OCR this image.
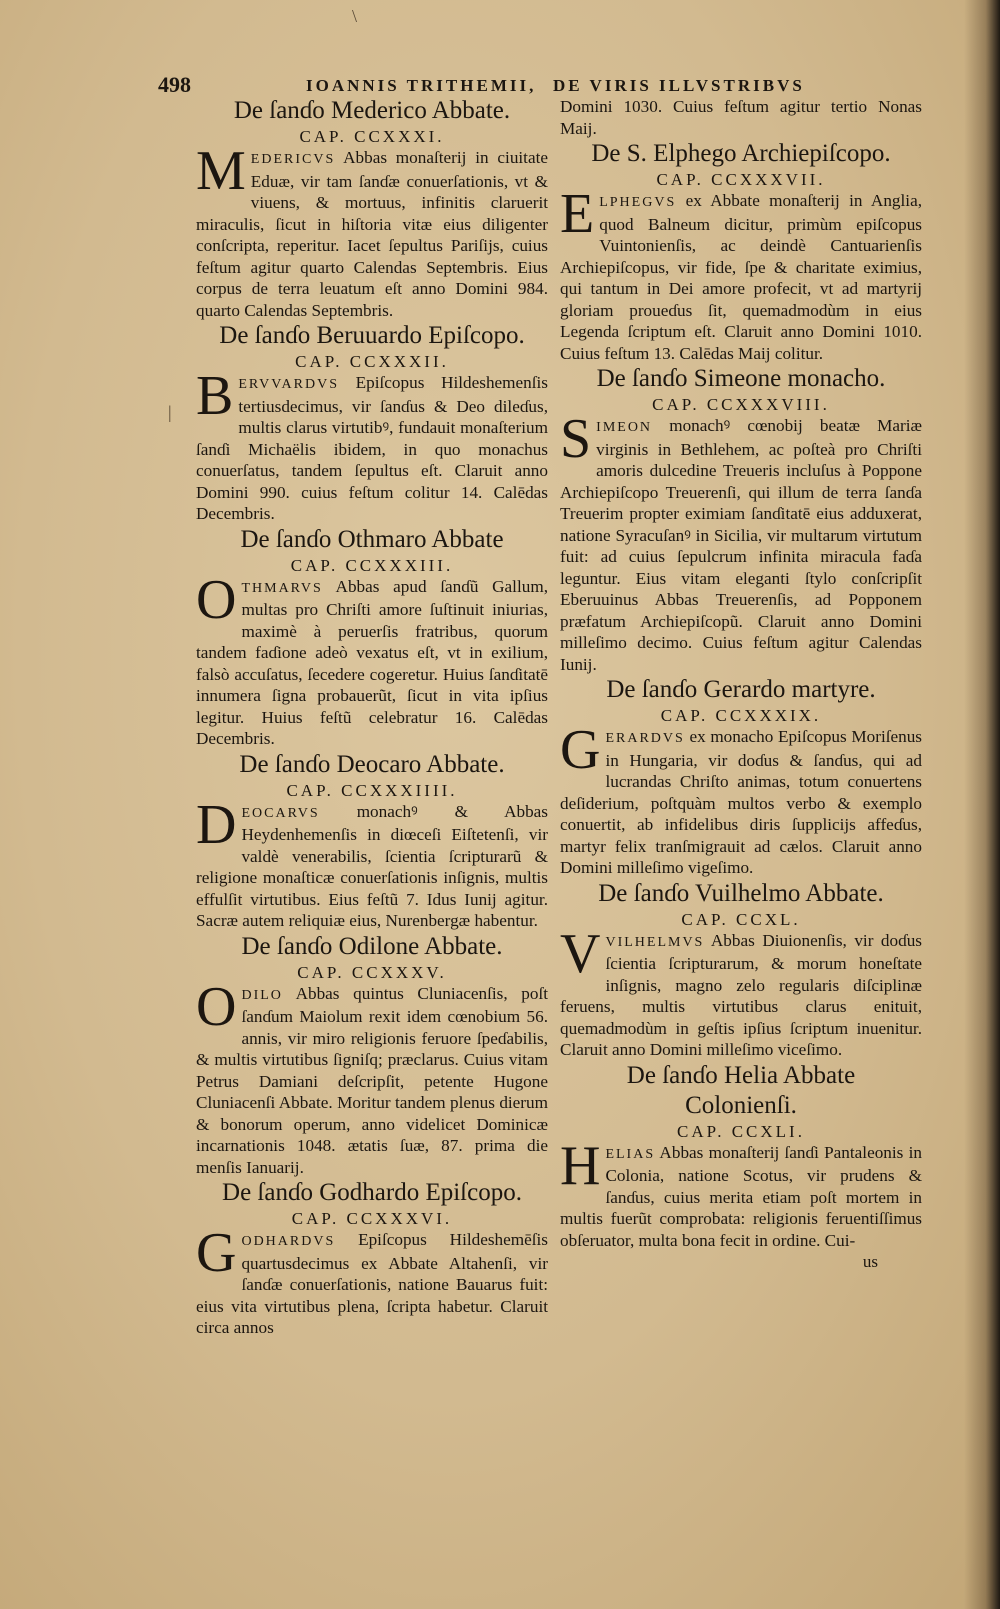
\
|
498	IOANNIS TRITHEMII, DE VIRIS ILLVSTRIBVS
De ſanɗo Mederico Abbate.
CAP. CCXXXI.

MEDERICVS Abbas monaſterij in ciuitate Eduæ, vir tam ſanɗæ conuerſationis, vt & viuens, & mortuus, infinitis claruerit miraculis, ſicut in hiſtoria vitæ eius diligenter conſcripta, reperitur. Iacet ſepultus Pariſijs, cuius feſtum agitur quarto Calendas Septembris. Eius corpus de terra leuatum eſt anno Domini 984. quarto Calendas Septembris.

De ſanɗo Beruuardo Epiſcopo.
CAP. CCXXXII.

BERVVARDVS Epiſcopus Hildeshemenſis tertiusdecimus, vir ſanɗus & Deo dileɗus, multis clarus virtutibꝰ, fundauit monaſterium ſanɗi Michaëlis ibidem, in quo monachus conuerſatus, tandem ſepultus eſt. Claruit anno Domini 990. cuius feſtum colitur 14. Calēdas Decembris.

De ſanɗo Othmaro Abbate
CAP. CCXXXIII.

OTHMARVS Abbas apud ſanɗũ Gallum, multas pro Chriſti amore ſuſtinuit iniurias, maximè à peruerſis fratribus, quorum tandem faɗione adeò vexatus eſt, vt in exilium, falsò accuſatus, ſecedere cogeretur. Huius ſanɗitatē innumera ſigna probauerũt, ſicut in vita ipſius legitur. Huius feſtũ celebratur 16. Calēdas Decembris.

De ſanɗo Deocaro Abbate.
CAP. CCXXXIIII.

DEOCARVS monachꝰ & Abbas Heydenhemenſis in diœceſi Eiſtetenſi, vir valdè venerabilis, ſcientia ſcripturarũ & religione monaſticæ conuerſationis inſignis, multis effulſit virtutibus. Eius feſtũ 7. Idus Iunij agitur. Sacræ autem reliquiæ eius, Nurenbergæ habentur.

De ſanɗo Odilone Abbate.
CAP. CCXXXV.

ODILO Abbas quintus Cluniacenſis, poſt ſanɗum Maiolum rexit idem cœnobium 56. annis, vir miro religionis feruore ſpeɗabilis, & multis virtutibus ſigniſq; præclarus. Cuius vitam Petrus Damiani deſcripſit, petente Hugone Cluniacenſi Abbate. Moritur tandem plenus dierum & bonorum operum, anno videlicet Dominicæ incarnationis 1048. ætatis ſuæ, 87. prima die menſis Ianuarij.

De ſanɗo Godhardo Epiſcopo.
CAP. CCXXXVI.

GODHARDVS Epiſcopus Hildeshemēſis quartusdecimus ex Abbate Altahenſi, vir ſanɗæ conuerſationis, natione Bauarus fuit: eius vita virtutibus plena, ſcripta habetur. Claruit circa annos

Domini 1030. Cuius feſtum agitur tertio Nonas Maij.

De S. Elphego Archiepiſcopo.
CAP. CCXXXVII.

ELPHEGVS ex Abbate monaſterij in Anglia, quod Balneum dicitur, primùm epiſcopus Vuintonienſis, ac deindè Cantuarienſis Archiepiſcopus, vir fide, ſpe & charitate eximius, qui tantum in Dei amore profecit, vt ad martyrij gloriam proueɗus ſit, quemadmodùm in eius Legenda ſcriptum eſt. Claruit anno Domini 1010. Cuius feſtum 13. Calēdas Maij colitur.

De ſanɗo Simeone monacho.
CAP. CCXXXVIII.

SIMEON monachꝰ cœnobij beatæ Mariæ virginis in Bethlehem, ac poſteà pro Chriſti amoris dulcedine Treueris incluſus à Poppone Archiepiſcopo Treuerenſi, qui illum de terra ſanɗa Treuerim propter eximiam ſanɗitatē eius adduxerat, natione Syracuſanꝰ in Sicilia, vir multarum virtutum fuit: ad cuius ſepulcrum infinita miracula faɗa leguntur. Eius vitam eleganti ſtylo conſcripſit Eberuuinus Abbas Treuerenſis, ad Popponem præfatum Archiepiſcopũ. Claruit anno Domini milleſimo decimo. Cuius feſtum agitur Calendas Iunij.

De ſanɗo Gerardo martyre.
CAP. CCXXXIX.

GERARDVS ex monacho Epiſcopus Moriſenus in Hungaria, vir doɗus & ſanɗus, qui ad lucrandas Chriſto animas, totum conuertens deſiderium, poſtquàm multos verbo & exemplo conuertit, ab infidelibus diris ſupplicijs affeɗus, martyr felix tranſmigrauit ad cælos. Claruit anno Domini milleſimo vigeſimo.

De ſanɗo Vuilhelmo Abbate.
CAP. CCXL.

VVILHELMVS Abbas Diuionenſis, vir doɗus ſcientia ſcripturarum, & morum honeſtate inſignis, magno zelo regularis diſciplinæ feruens, multis virtutibus clarus enituit, quemadmodùm in geſtis ipſius ſcriptum inuenitur. Claruit anno Domini milleſimo viceſimo.

De ſanɗo Helia Abbate Colonienſi.
CAP. CCXLI.

HELIAS Abbas monaſterij ſanɗi Pantaleonis in Colonia, natione Scotus, vir prudens & ſanɗus, cuius merita etiam poſt mortem in multis fuerũt comprobata: religionis feruentiſſimus obſeruator, multa bona fecit in ordine. Cui-

us
